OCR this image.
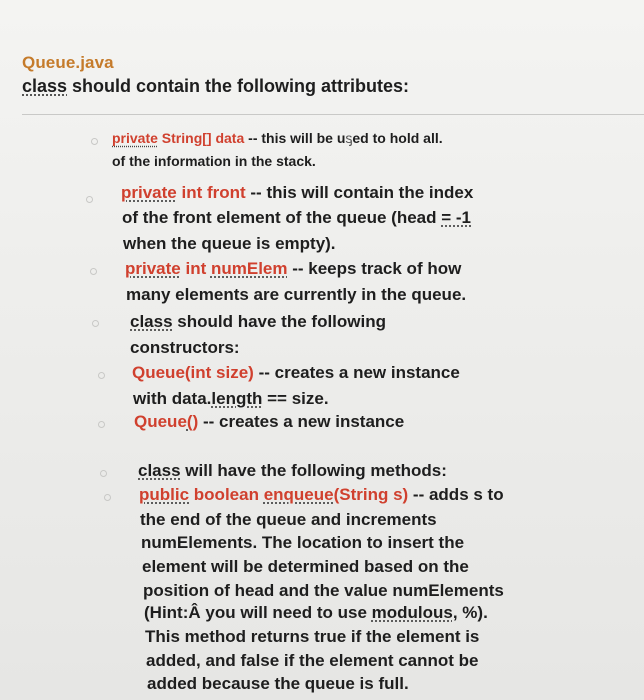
Queue.java
class should contain the following attributes:
private String[] data -- this will be uᶊed to hold all.
of the information in the stack.
private int front -- this will contain the index
of the front element of the queue (head = -1
when the queue is empty).
private int numElem -- keeps track of how
many elements are currently in the queue.
class should have the following
constructors:
Queue(int size) -- creates a new instance
with data.length == size.
Queue() -- creates a new instance
class will have the following methods:
public boolean enqueue(String s) -- adds s to
the end of the queue and increments
numElements. The location to insert the
element will be determined based on the
position of head and the value numElements
(Hint:Â you will need to use modulous, %).
This method returns true if the element is
added, and false if the element cannot be
added because the queue is full.
